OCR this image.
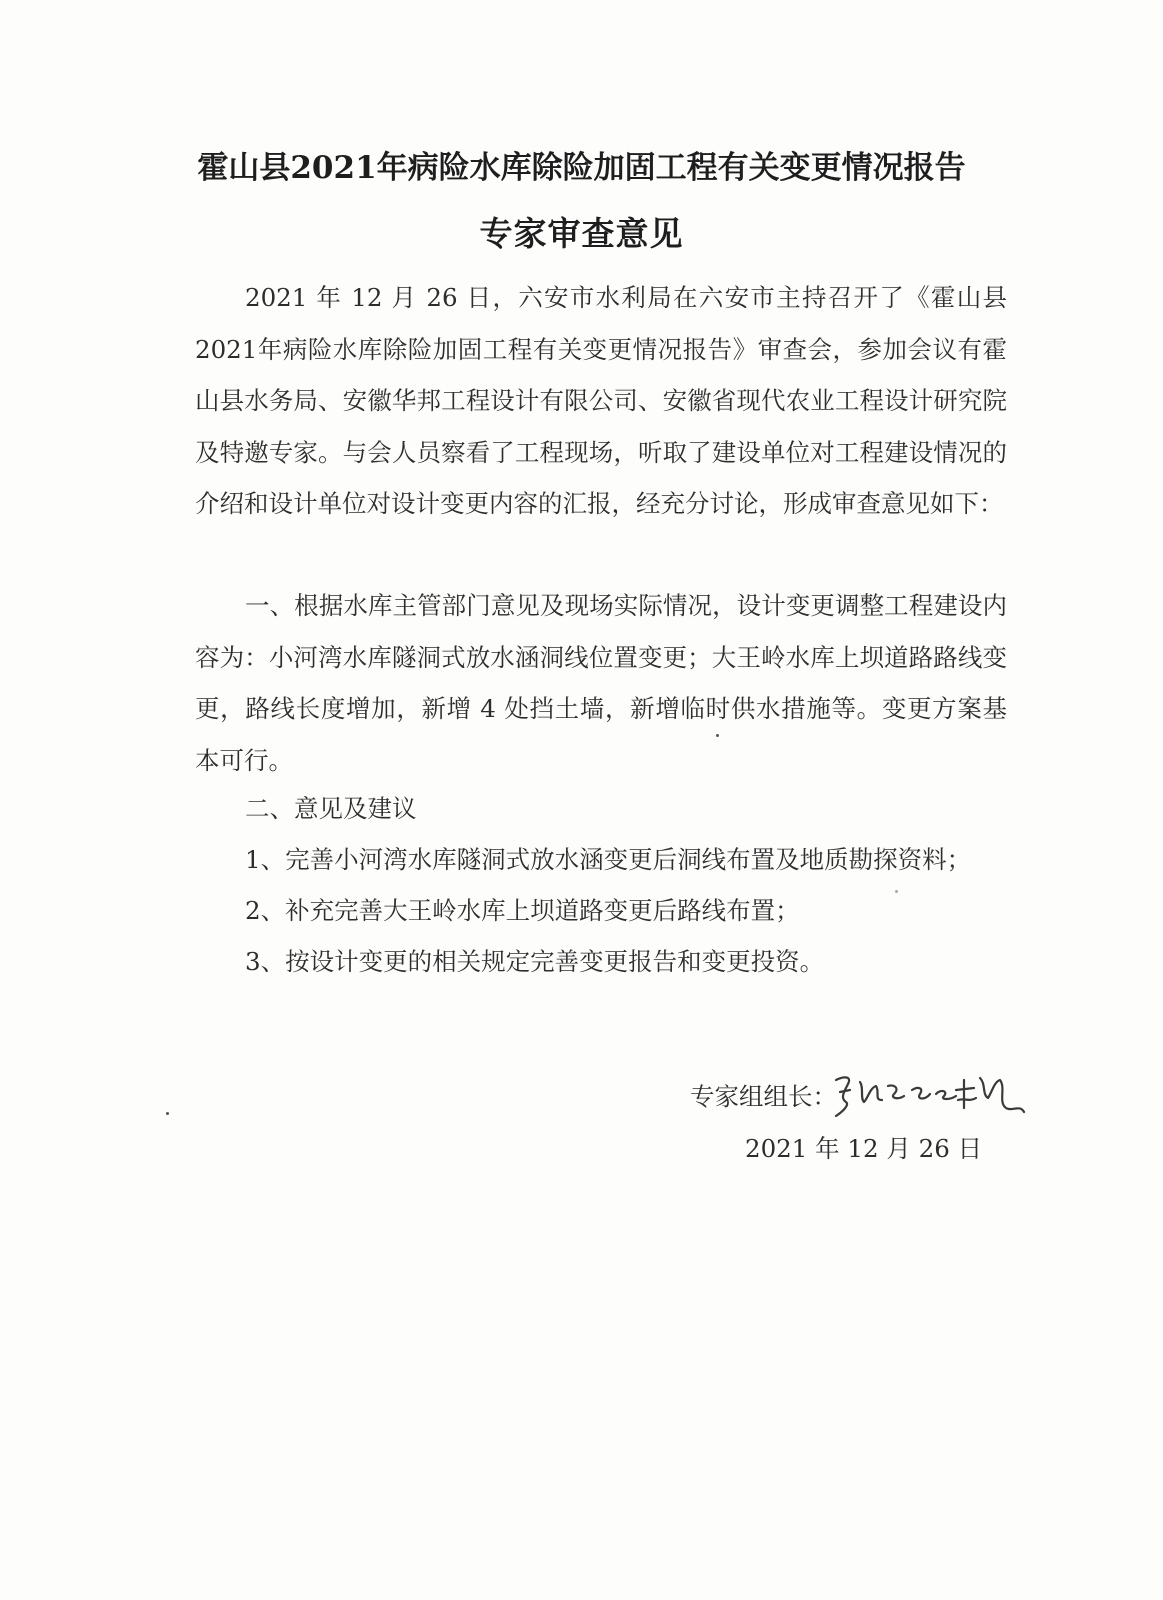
霍山县2021年病险水库除险加固工程有关变更情况报告
专家审查意见
2021 年 12 月 26 日，六安市水利局在六安市主持召开了《霍山县2021年病险水库除险加固工程有关变更情况报告》审查会，参加会议有霍山县水务局、安徽华邦工程设计有限公司、安徽省现代农业工程设计研究院及特邀专家。与会人员察看了工程现场，听取了建设单位对工程建设情况的介绍和设计单位对设计变更内容的汇报，经充分讨论，形成审查意见如下：
一、根据水库主管部门意见及现场实际情况，设计变更调整工程建设内容为：小河湾水库隧洞式放水涵洞线位置变更；大王岭水库上坝道路路线变更，路线长度增加，新增 4 处挡土墙，新增临时供水措施等。变更方案基本可行。
二、意见及建议
1、完善小河湾水库隧洞式放水涵变更后洞线布置及地质勘探资料；
2、补充完善大王岭水库上坝道路变更后路线布置；
3、按设计变更的相关规定完善变更报告和变更投资。
专家组组长：
2021 年 12 月 26 日
